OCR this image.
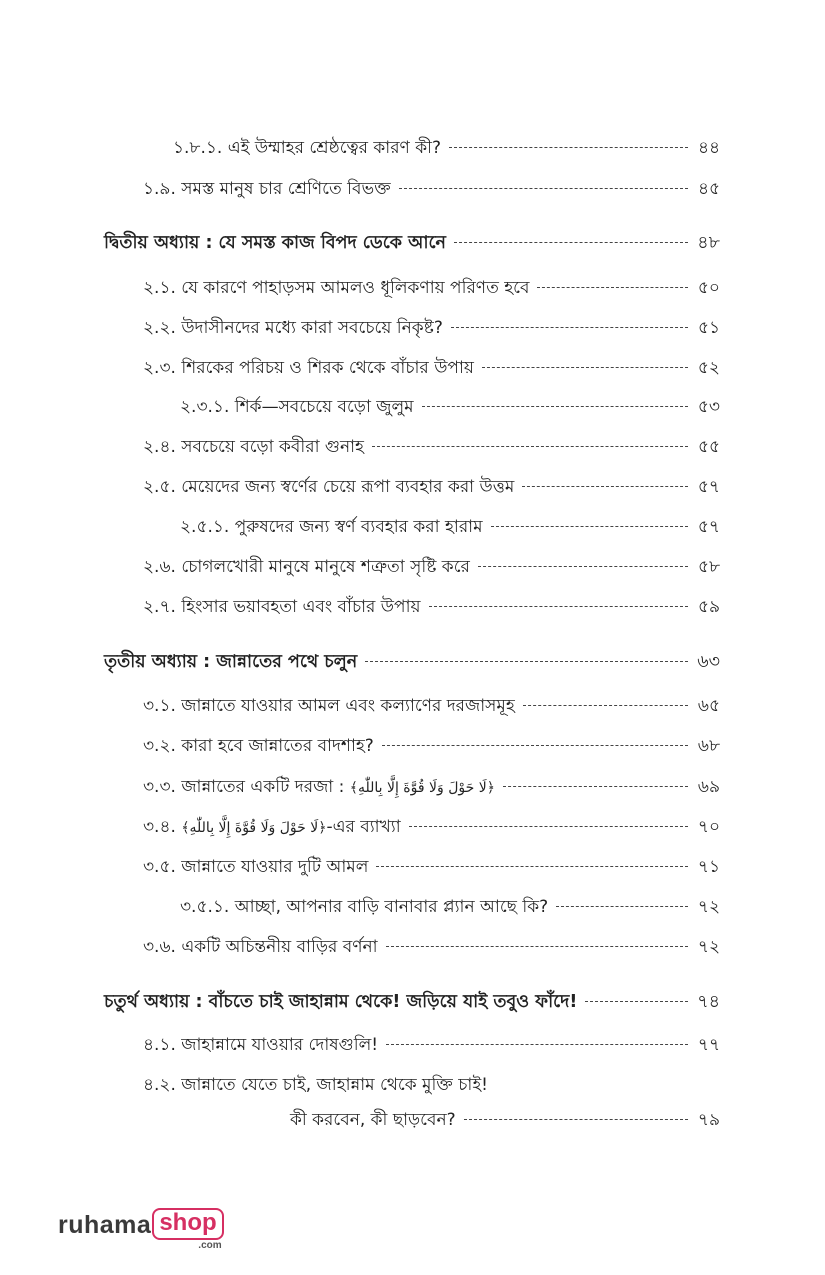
১.৮.১. এই উম্মাহর শ্রেষ্ঠত্বের কারণ কী?	৪৪
১.৯. সমস্ত মানুষ চার শ্রেণিতে বিভক্ত	৪৫
দ্বিতীয় অধ্যায় : যে সমস্ত কাজ বিপদ ডেকে আনে	৪৮
২.১. যে কারণে পাহাড়সম আমলও ধূলিকণায় পরিণত হবে	৫০
২.২. উদাসীনদের মধ্যে কারা সবচেয়ে নিকৃষ্ট?	৫১
২.৩. শিরকের পরিচয় ও শিরক থেকে বাঁচার উপায়	৫২
২.৩.১. শির্ক—সবচেয়ে বড়ো জুলুম	৫৩
২.৪. সবচেয়ে বড়ো কবীরা গুনাহ	৫৫
২.৫. মেয়েদের জন্য স্বর্ণের চেয়ে রূপা ব্যবহার করা উত্তম	৫৭
২.৫.১. পুরুষদের জন্য স্বর্ণ ব্যবহার করা হারাম	৫৭
২.৬. চোগলখোরী মানুষে মানুষে শত্রুতা সৃষ্টি করে	৫৮
২.৭. হিংসার ভয়াবহতা এবং বাঁচার উপায়	৫৯
তৃতীয় অধ্যায় : জান্নাতের পথে চলুন	৬৩
৩.১. জান্নাতে যাওয়ার আমল এবং কল্যাণের দরজাসমূহ	৬৫
৩.২. কারা হবে জান্নাতের বাদশাহ?	৬৮
৩.৩. জান্নাতের একটি দরজা : ﴿لَا حَوْلَ وَلَا قُوَّةَ إِلَّا بِاللّٰهِ﴾	৬৯
৩.৪. ﴿لَا حَوْلَ وَلَا قُوَّةَ إِلَّا بِاللّٰهِ﴾-এর ব্যাখ্যা	৭০
৩.৫. জান্নাতে যাওয়ার দুটি আমল	৭১
৩.৫.১. আচ্ছা, আপনার বাড়ি বানাবার প্ল্যান আছে কি?	৭২
৩.৬. একটি অচিন্তনীয় বাড়ির বর্ণনা	৭২
চতুর্থ অধ্যায় : বাঁচতে চাই জাহান্নাম থেকে! জড়িয়ে যাই তবুও ফাঁদে!	৭৪
৪.১. জাহান্নামে যাওয়ার দোষগুলি!	৭৭
৪.২. জান্নাতে যেতে চাই, জাহান্নাম থেকে মুক্তি চাই!
কী করবেন, কী ছাড়বেন?	৭৯
ruhama shop
.com
